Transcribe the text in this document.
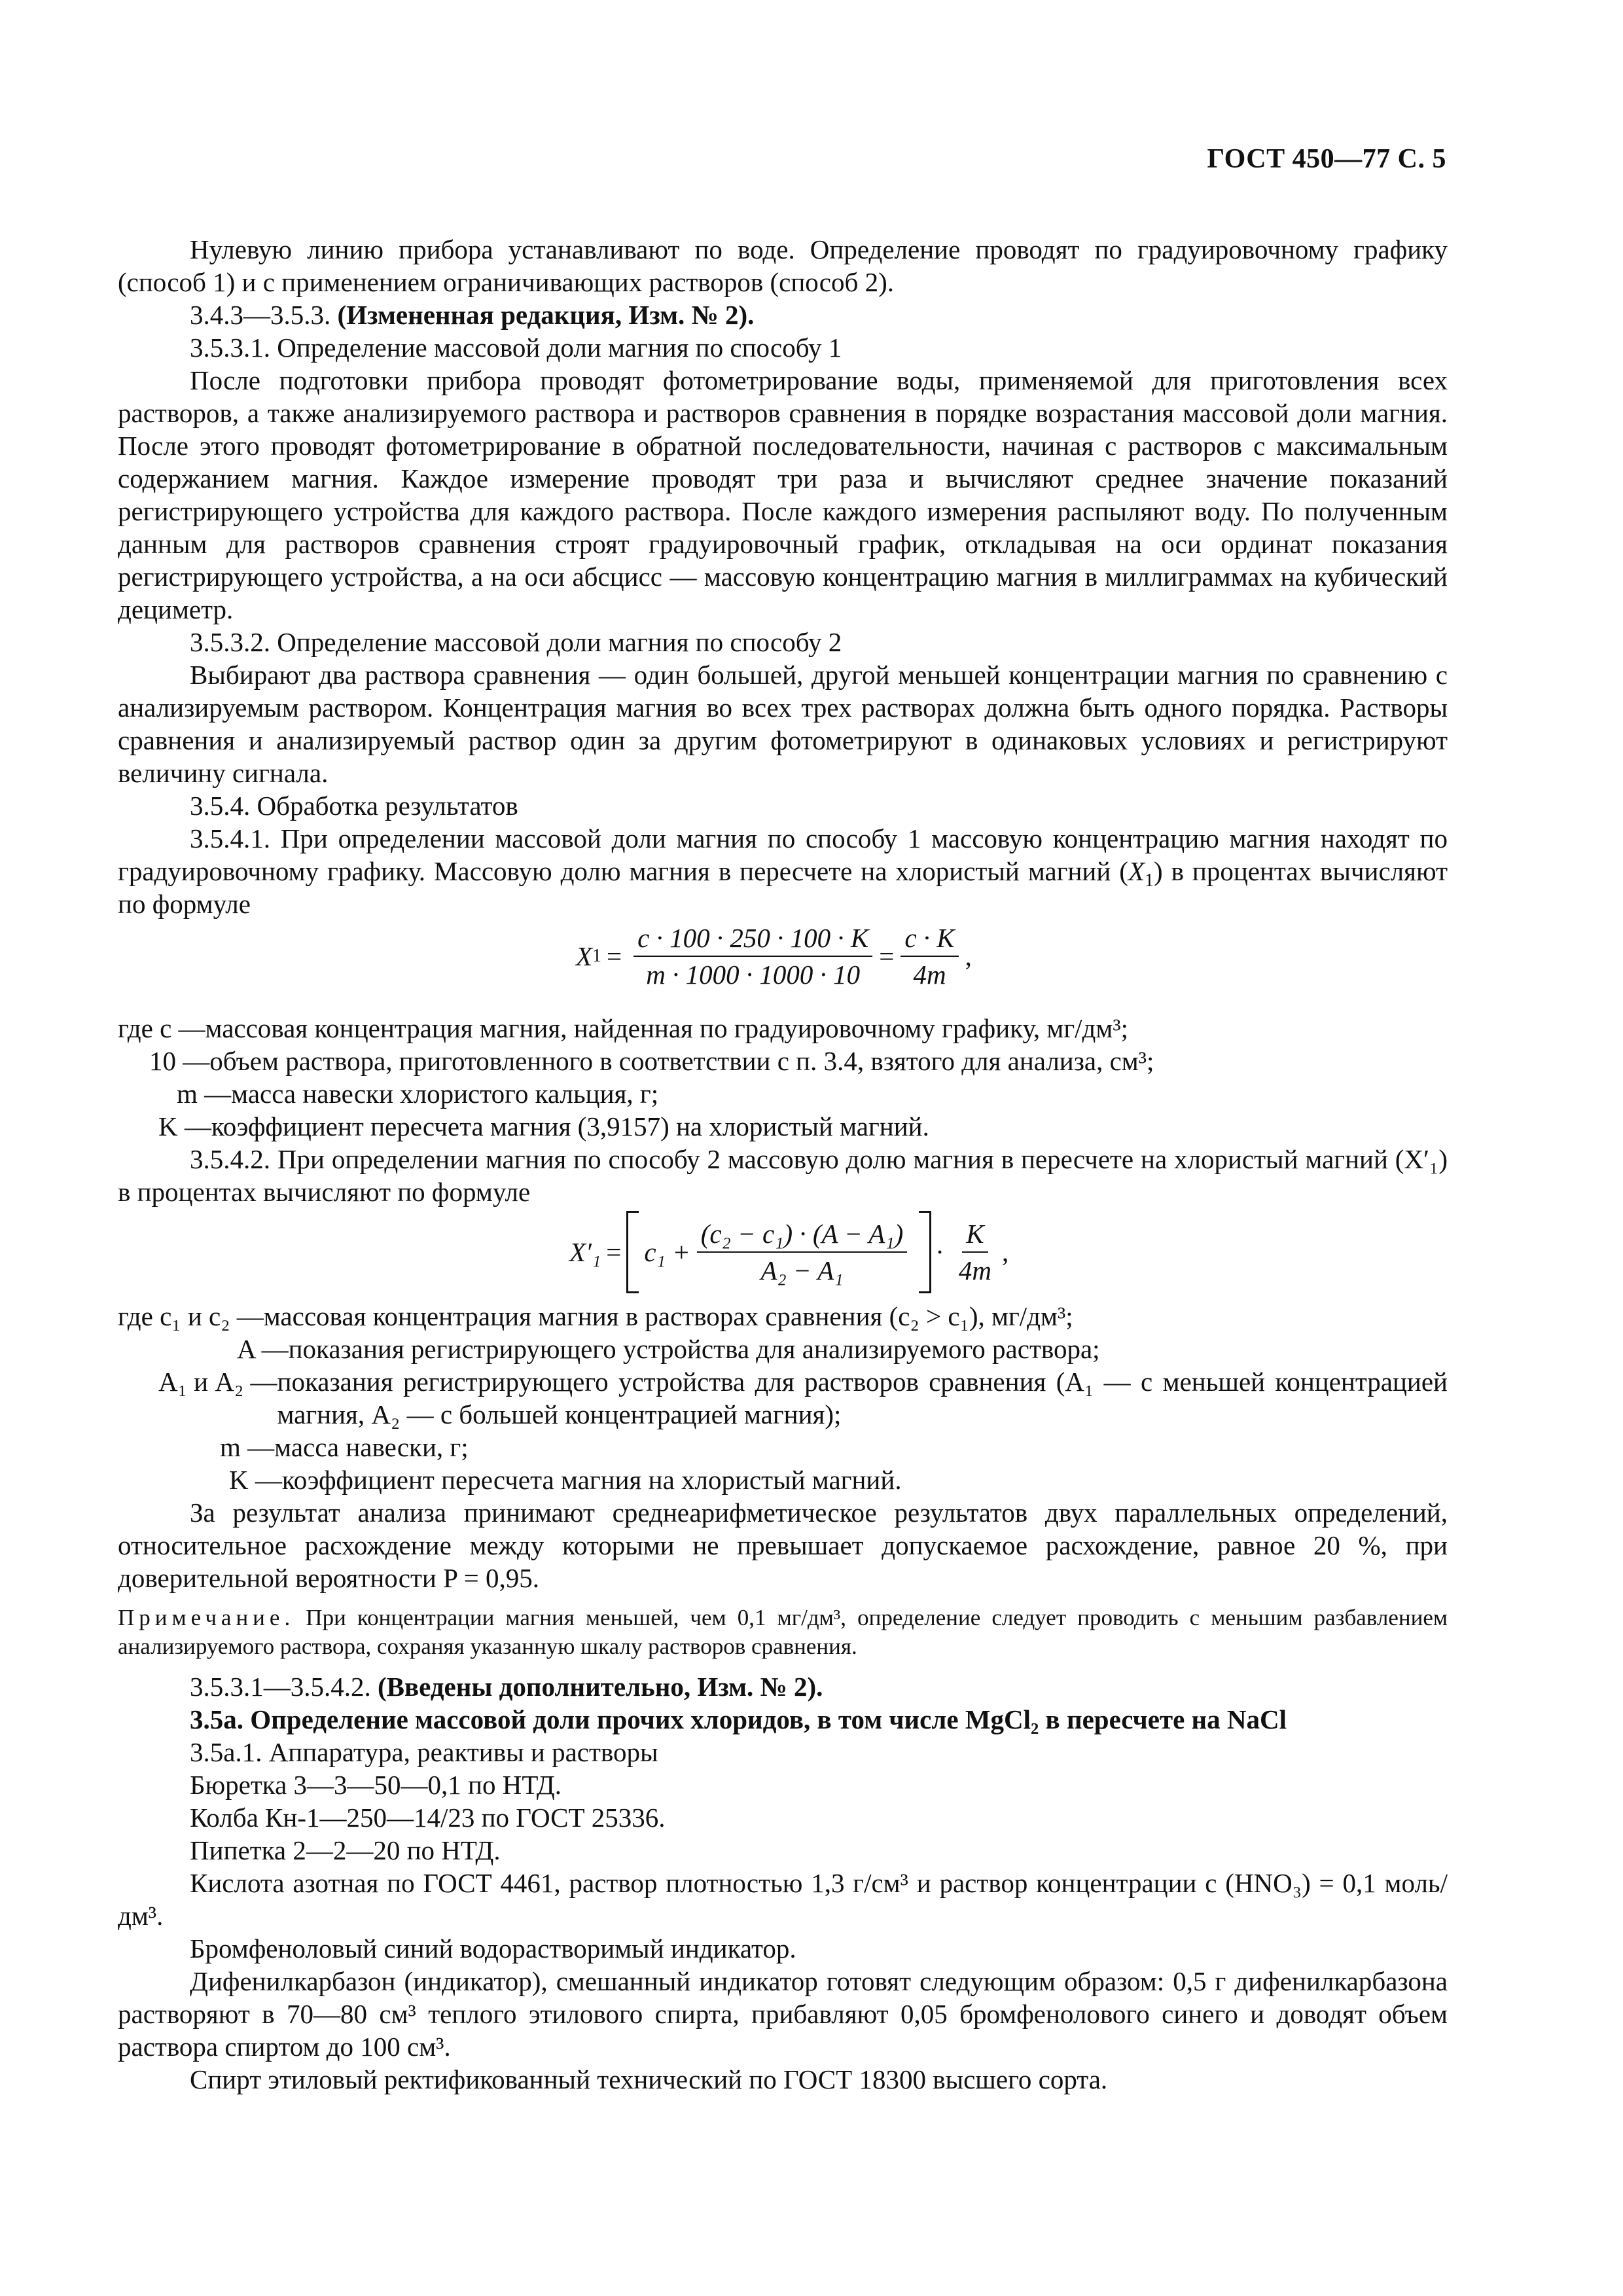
ГОСТ 450—77 С. 5

Нулевую линию прибора устанавливают по воде. Определение проводят по градуировочному графику (способ 1) и с применением ограничивающих растворов (способ 2).

3.4.3—3.5.3. (Измененная редакция, Изм. № 2).

3.5.3.1. Определение массовой доли магния по способу 1

После подготовки прибора проводят фотометрирование воды, применяемой для приготовления всех растворов, а также анализируемого раствора и растворов сравнения в порядке возрастания массовой доли магния. После этого проводят фотометрирование в обратной последовательности, начиная с растворов с максимальным содержанием магния. Каждое измерение проводят три раза и вычисляют среднее значение показаний регистрирующего устройства для каждого раствора. После каждого измерения распыляют воду. По полученным данным для растворов сравнения строят градуировочный график, откладывая на оси ординат показания регистрирующего устройства, а на оси абсцисс — массовую концентрацию магния в миллиграммах на кубический дециметр.

3.5.3.2. Определение массовой доли магния по способу 2

Выбирают два раствора сравнения — один большей, другой меньшей концентрации магния по сравнению с анализируемым раствором. Концентрация магния во всех трех растворах должна быть одного порядка. Растворы сравнения и анализируемый раствор один за другим фотометрируют в одинаковых условиях и регистрируют величину сигнала.

3.5.4. Обработка результатов

3.5.4.1. При определении массовой доли магния по способу 1 массовую концентрацию магния находят по градуировочному графику. Массовую долю магния в пересчете на хлористый магний $(X_1)$ в процентах вычисляют по формуле

X $1 = \frac{c \cdot 100 \cdot 250 \cdot 100 \cdot K}{m \cdot 1000 \cdot 1000 \cdot 10} = \frac{c \cdot K}{4m}$ ,
где c — массовая концентрация магния, найденная по градуировочному графику, мг/дм³;
10 — объем раствора, приготовленного в соответствии с п. 3.4, взятого для анализа, см³;
m — масса навески хлористого кальция, г;
K — коэффициент пересчета магния (3,9157) на хлористый магний.

3.5.4.2. При определении магния по способу 2 массовую долю магния в пересчете на хлористый магний (X′₁) в процентах вычисляют по формуле

$X'_1 = c_1 + \frac{\text{(c₂ − c₁) · (A − A₁)}}{\text{A₂ − A₁}} \cdot \frac{K}{4m}$ ,
где c₁ и c₂ — массовая концентрация магния в растворах сравнения (c₂ > c₁), мг/дм³;
A — показания регистрирующего устройства для анализируемого раствора;
A₁ и A₂ — показания регистрирующего устройства для растворов сравнения (A₁ — с меньшей концентрацией магния, A₂ — с большей концентрацией магния);
m — масса навески, г;
K — коэффициент пересчета магния на хлористый магний.

За результат анализа принимают среднеарифметическое результатов двух параллельных определений, относительное расхождение между которыми не превышает допускаемое расхождение, равное 20 %, при доверительной вероятности P = 0,95.

Примечание. При концентрации магния меньшей, чем 0,1 мг/дм³, определение следует проводить с меньшим разбавлением анализируемого раствора, сохраняя указанную шкалу растворов сравнения.

3.5.3.1—3.5.4.2. (Введены дополнительно, Изм. № 2).

3.5а. Определение массовой доли прочих хлоридов, в том числе MgCl₂ в пересчете на NaCl

3.5а.1. Аппаратура, реактивы и растворы

Бюретка 3—3—50—0,1 по НТД.

Колба Кн-1—250—14/23 по ГОСТ 25336.

Пипетка 2—2—20 по НТД.

Кислота азотная по ГОСТ 4461, раствор плотностью 1,3 г/см³ и раствор концентрации c (HNO₃) = 0,1 моль/дм³.

Бромфеноловый синий водорастворимый индикатор.

Дифенилкарбазон (индикатор), смешанный индикатор готовят следующим образом: 0,5 г дифенилкарбазона растворяют в 70—80 см³ теплого этилового спирта, прибавляют 0,05 бромфенолового синего и доводят объем раствора спиртом до 100 см³.

Спирт этиловый ректификованный технический по ГОСТ 18300 высшего сорта.
